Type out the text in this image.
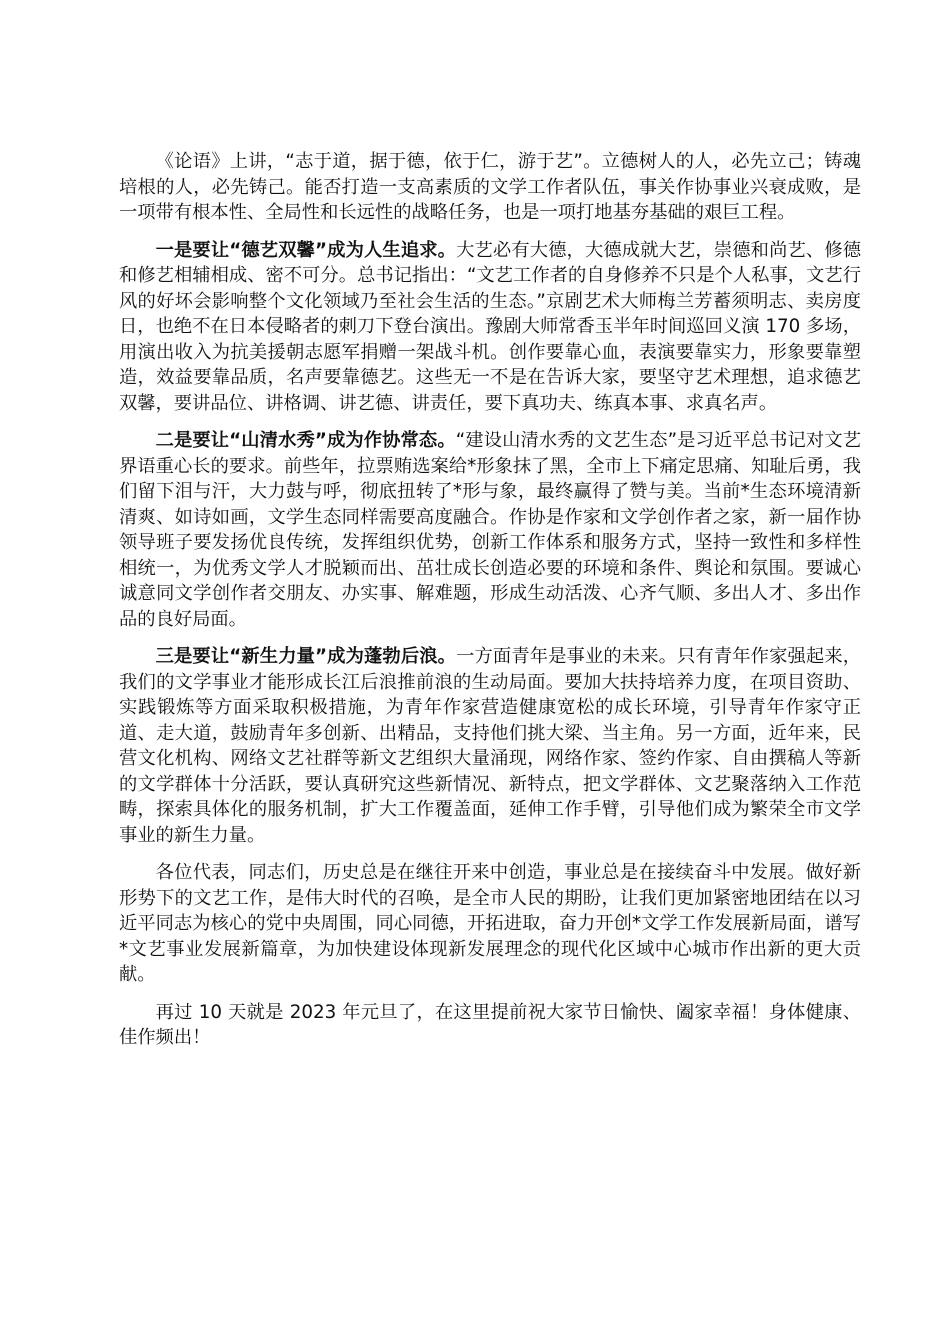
《论语》上讲，“志于道，据于德，依于仁，游于艺”。立德树人的人，必先立己；铸魂培根的人，必先铸己。能否打造一支高素质的文学工作者队伍，事关作协事业兴衰成败，是一项带有根本性、全局性和长远性的战略任务，也是一项打地基夯基础的艰巨工程。

一是要让“德艺双馨”成为人生追求。大艺必有大德，大德成就大艺，崇德和尚艺、修德和修艺相辅相成、密不可分。总书记指出：“文艺工作者的自身修养不只是个人私事，文艺行风的好坏会影响整个文化领域乃至社会生活的生态。”京剧艺术大师梅兰芳蓄须明志、卖房度日，也绝不在日本侵略者的刺刀下登台演出。豫剧大师常香玉半年时间巡回义演 170 多场，用演出收入为抗美援朝志愿军捐赠一架战斗机。创作要靠心血，表演要靠实力，形象要靠塑造，效益要靠品质，名声要靠德艺。这些无一不是在告诉大家，要坚守艺术理想，追求德艺双馨，要讲品位、讲格调、讲艺德、讲责任，要下真功夫、练真本事、求真名声。

二是要让“山清水秀”成为作协常态。“建设山清水秀的文艺生态”是习近平总书记对文艺界语重心长的要求。前些年，拉票贿选案给*形象抹了黑，全市上下痛定思痛、知耻后勇，我们留下泪与汗，大力鼓与呼，彻底扭转了*形与象，最终赢得了赞与美。当前*生态环境清新清爽、如诗如画，文学生态同样需要高度融合。作协是作家和文学创作者之家，新一届作协领导班子要发扬优良传统，发挥组织优势，创新工作体系和服务方式，坚持一致性和多样性相统一，为优秀文学人才脱颖而出、茁壮成长创造必要的环境和条件、舆论和氛围。要诚心诚意同文学创作者交朋友、办实事、解难题，形成生动活泼、心齐气顺、多出人才、多出作品的良好局面。

三是要让“新生力量”成为蓬勃后浪。一方面青年是事业的未来。只有青年作家强起来，我们的文学事业才能形成长江后浪推前浪的生动局面。要加大扶持培养力度，在项目资助、实践锻炼等方面采取积极措施，为青年作家营造健康宽松的成长环境，引导青年作家守正道、走大道，鼓励青年多创新、出精品，支持他们挑大梁、当主角。另一方面，近年来，民营文化机构、网络文艺社群等新文艺组织大量涌现，网络作家、签约作家、自由撰稿人等新的文学群体十分活跃，要认真研究这些新情况、新特点，把文学群体、文艺聚落纳入工作范畴，探索具体化的服务机制，扩大工作覆盖面，延伸工作手臂，引导他们成为繁荣全市文学事业的新生力量。

各位代表，同志们，历史总是在继往开来中创造，事业总是在接续奋斗中发展。做好新形势下的文艺工作，是伟大时代的召唤，是全市人民的期盼，让我们更加紧密地团结在以习近平同志为核心的党中央周围，同心同德，开拓进取，奋力开创*文学工作发展新局面，谱写*文艺事业发展新篇章，为加快建设体现新发展理念的现代化区域中心城市作出新的更大贡献。

再过 10 天就是 2023 年元旦了，在这里提前祝大家节日愉快、阖家幸福！身体健康、佳作频出！
